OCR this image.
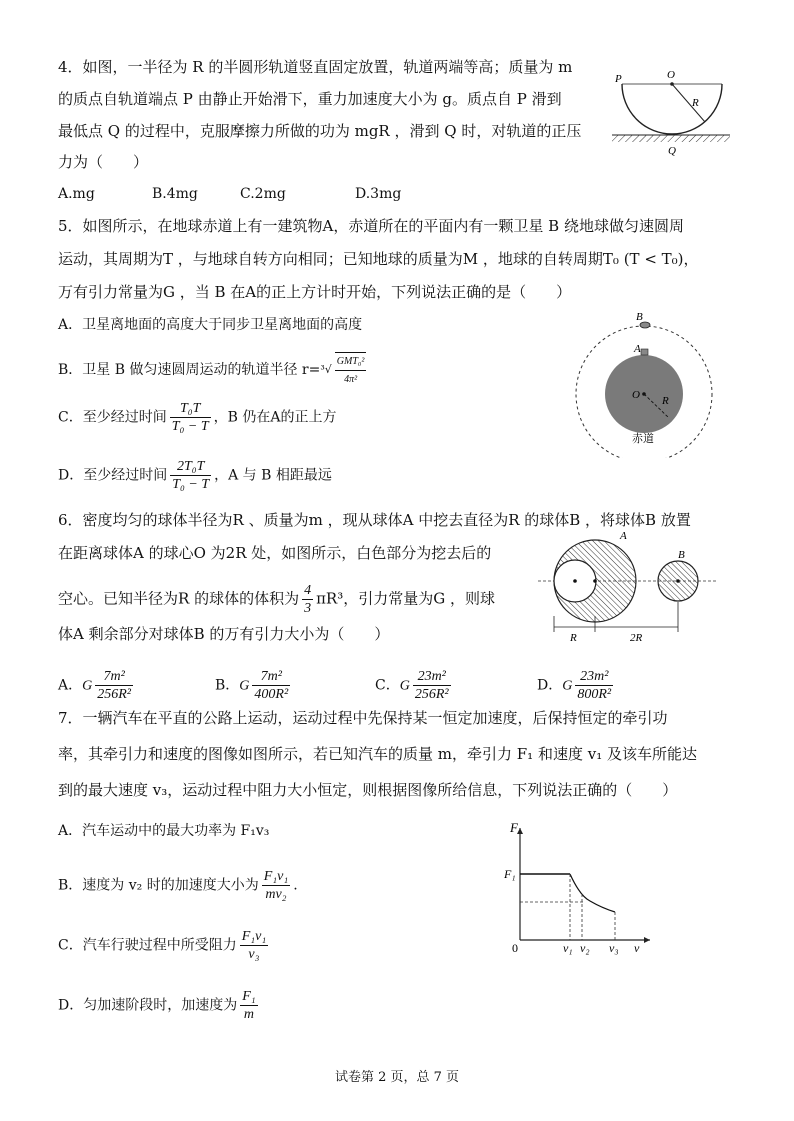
4．如图，一半径为 R 的半圆形轨道竖直固定放置，轨道两端等高；质量为 m
的质点自轨道端点 P 由静止开始滑下，重力加速度大小为 g。质点自 P 滑到
最低点 Q 的过程中，克服摩擦力所做的功为 mgR ，滑到 Q 时，对轨道的正压
力为（　　）
A.mg	B.4mg	C.2mg	D.3mg
P	O
R
Q
5．如图所示，在地球赤道上有一建筑物A，赤道所在的平面内有一颗卫星 B 绕地球做匀速圆周
运动，其周期为T ，与地球自转方向相同；已知地球的质量为M ，地球的自转周期T₀ (T < T₀)，
万有引力常量为G ，当 B 在A的正上方计时开始，下列说法正确的是（　　）
A．卫星离地面的高度大于同步卫星离地面的高度
B．卫星 B 做匀速圆周运动的轨道半径 $r=^3√ \frac{\text{GMT₀²}}{\text{4π²}}$
C．至少经过时间 $\frac{\text{T₀T}}{\text{T₀ − T}}$ ，B 仍在A的正上方
D．至少经过时间 $\frac{\text{2T₀T}}{\text{T₀ − T}}$ ，A 与 B 相距最远
B
A
O R
赤道
6．密度均匀的球体半径为R 、质量为m ，现从球体A 中挖去直径为R 的球体B ，将球体B 放置
在距离球体A 的球心O 为2R 处，如图所示，白色部分为挖去后的
空心。已知半径为R 的球体的体积为 $\frac{4}{3} \pi R^3$，引力常量为G ，则球
体A 剩余部分对球体B 的万有引力大小为（　　）
A．G $\frac{\text{7m²}}{\text{256R²}}$	B．G $\frac{\text{7m²}}{\text{400R²}}$	C．G $\frac{\text{23m²}}{\text{256R²}}$	D．G $\frac{\text{23m²}}{\text{800R²}}$
A
B
R	2R
7．一辆汽车在平直的公路上运动，运动过程中先保持某一恒定加速度，后保持恒定的牵引功
率，其牵引力和速度的图像如图所示，若已知汽车的质量 m，牵引力 F₁ 和速度 v₁ 及该车所能达
到的最大速度 v₃，运动过程中阻力大小恒定，则根据图像所给信息，下列说法正确的（　　）
A．汽车运动中的最大功率为 F₁v₃
B．速度为 v₂ 时的加速度大小为 $\frac{\text{F₁v₁}}{\text{mv₂}}$ .
C．汽车行驶过程中所受阻力 $\frac{\text{F₁v₁}}{\text{v₃}}$
D．匀加速阶段时，加速度为 $\frac{\text{F₁}}{m}$
F
F₁
0	v₁ v₂ v₃ v
试卷第 2 页，总 7 页
